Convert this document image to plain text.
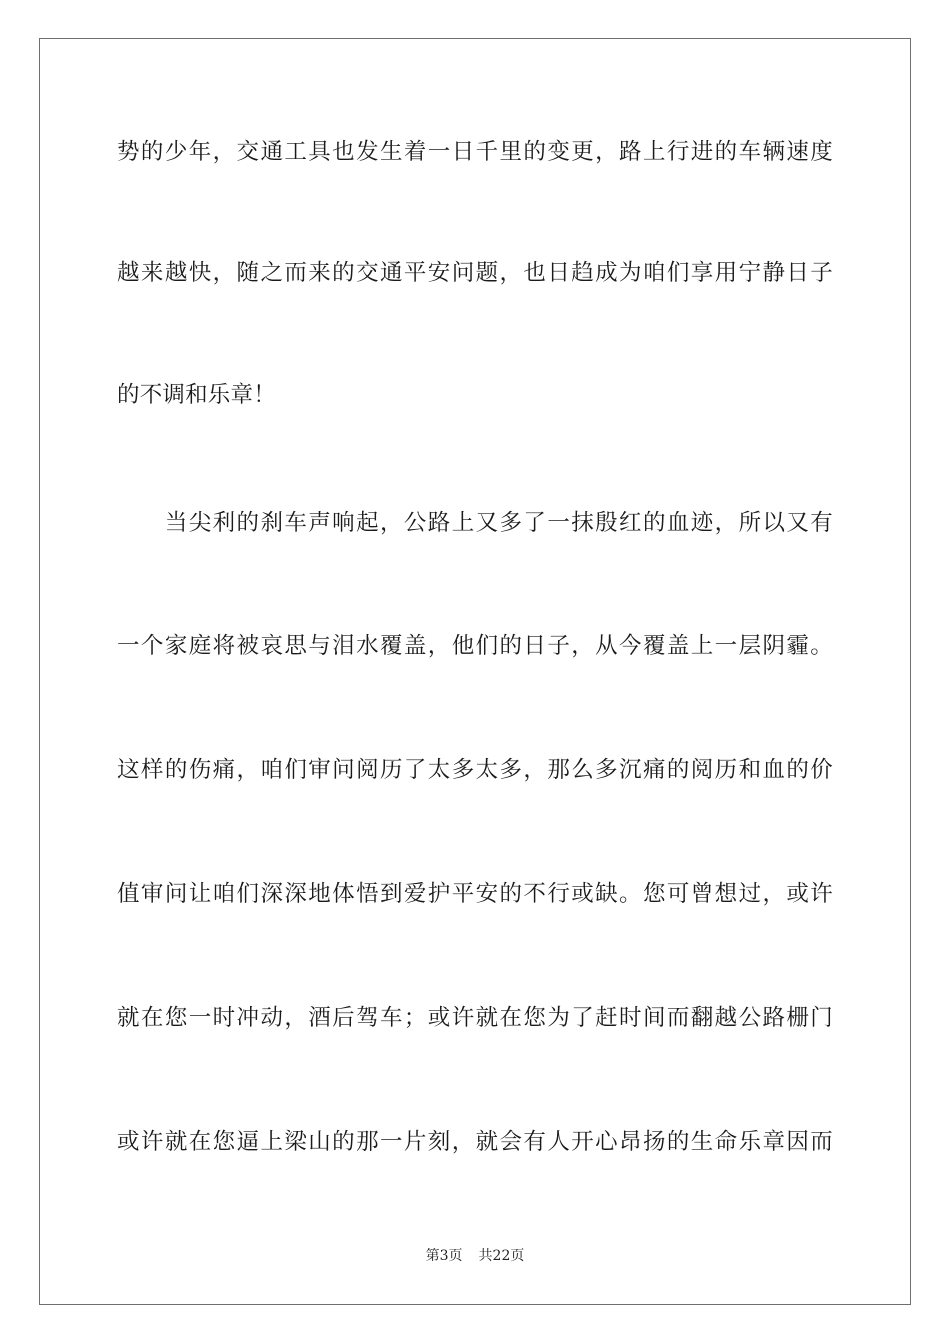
势的少年，交通工具也发生着一日千里的变更，路上行进的车辆速度
越来越快，随之而来的交通平安问题，也日趋成为咱们享用宁静日子
的不调和乐章！
　　当尖利的刹车声响起，公路上又多了一抹殷红的血迹，所以又有
一个家庭将被哀思与泪水覆盖，他们的日子，从今覆盖上一层阴霾。
这样的伤痛，咱们审问阅历了太多太多，那么多沉痛的阅历和血的价
值审问让咱们深深地体悟到爱护平安的不行或缺。您可曾想过，或许
就在您一时冲动，酒后驾车；或许就在您为了赶时间而翻越公路栅门
或许就在您逼上梁山的那一片刻，就会有人开心昂扬的生命乐章因而
第3页 共22页
